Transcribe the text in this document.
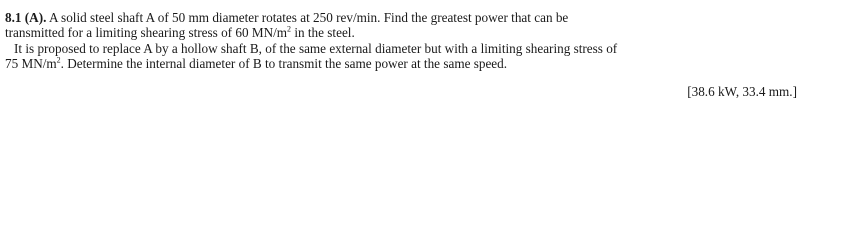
8.1 (A). A solid steel shaft A of 50 mm diameter rotates at 250 rev/min. Find the greatest power that can be
transmitted for a limiting shearing stress of 60 $MN/m^2$ in the steel.
It is proposed to replace A by a hollow shaft B, of the same external diameter but with a limiting shearing stress of
75 $MN/m^2$. Determine the internal diameter of B to transmit the same power at the same speed.
[38.6 kW, 33.4 mm.]
